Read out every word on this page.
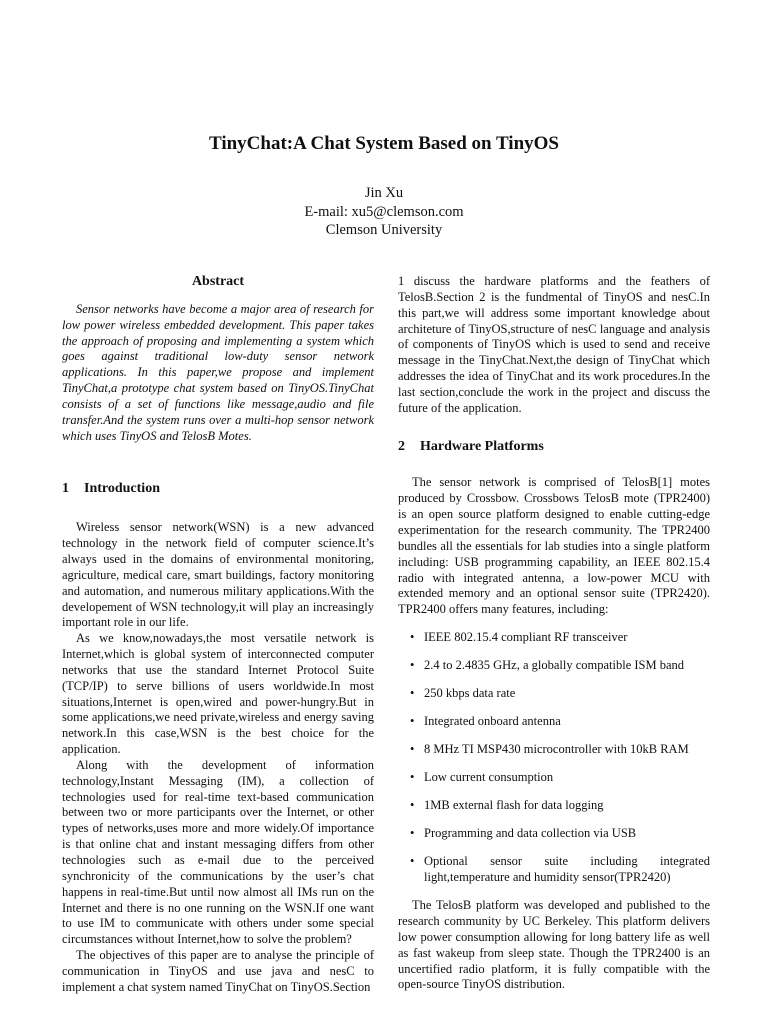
TinyChat:A Chat System Based on TinyOS
Jin Xu
E-mail: xu5@clemson.com
Clemson University
Abstract

Sensor networks have become a major area of research for low power wireless embedded development. This paper takes the approach of proposing and implementing a system which goes against traditional low-duty sensor network applications. In this paper,we propose and implement TinyChat,a prototype chat system based on TinyOS.TinyChat consists of a set of functions like message,audio and file transfer.And the system runs over a multi-hop sensor network which uses TinyOS and TelosB Motes.

1 Introduction

Wireless sensor network(WSN) is a new advanced technology in the network field of computer science.It’s always used in the domains of environmental monitoring, agriculture, medical care, smart buildings, factory monitoring and automation, and numerous military applications.With the developement of WSN technology,it will play an increasingly important role in our life.

As we know,nowadays,the most versatile network is Internet,which is global system of interconnected computer networks that use the standard Internet Protocol Suite (TCP/IP) to serve billions of users worldwide.In most situations,Internet is open,wired and power-hungry.But in some applications,we need private,wireless and energy saving network.In this case,WSN is the best choice for the application.

Along with the development of information technology,Instant Messaging (IM), a collection of technologies used for real-time text-based communication between two or more participants over the Internet, or other types of networks,uses more and more widely.Of importance is that online chat and instant messaging differs from other technologies such as e-mail due to the perceived synchronicity of the communications by the user’s chat happens in real-time.But until now almost all IMs run on the Internet and there is no one running on the WSN.If one want to use IM to communicate with others under some special circumstances without Internet,how to solve the problem?

The objectives of this paper are to analyse the principle of communication in TinyOS and use java and nesC to implement a chat system named TinyChat on TinyOS.Section

1 discuss the hardware platforms and the feathers of TelosB.Section 2 is the fundmental of TinyOS and nesC.In this part,we will address some important knowledge about architeture of TinyOS,structure of nesC language and analysis of components of TinyOS which is used to send and receive message in the TinyChat.Next,the design of TinyChat which addresses the idea of TinyChat and its work procedures.In the last section,conclude the work in the project and discuss the future of the application.

2 Hardware Platforms

The sensor network is comprised of TelosB[1] motes produced by Crossbow. Crossbows TelosB mote (TPR2400) is an open source platform designed to enable cutting-edge experimentation for the research community. The TPR2400 bundles all the essentials for lab studies into a single platform including: USB programming capability, an IEEE 802.15.4 radio with integrated antenna, a low-power MCU with extended memory and an optional sensor suite (TPR2420). TPR2400 offers many features, including:

• IEEE 802.15.4 compliant RF transceiver
• 2.4 to 2.4835 GHz, a globally compatible ISM band
• 250 kbps data rate
• Integrated onboard antenna
• 8 MHz TI MSP430 microcontroller with 10kB RAM
• Low current consumption
• 1MB external flash for data logging
• Programming and data collection via USB
• Optional sensor suite including integrated light,temperature and humidity sensor(TPR2420)

The TelosB platform was developed and published to the research community by UC Berkeley. This platform delivers low power consumption allowing for long battery life as well as fast wakeup from sleep state. Though the TPR2400 is an uncertified radio platform, it is fully compatible with the open-source TinyOS distribution.
